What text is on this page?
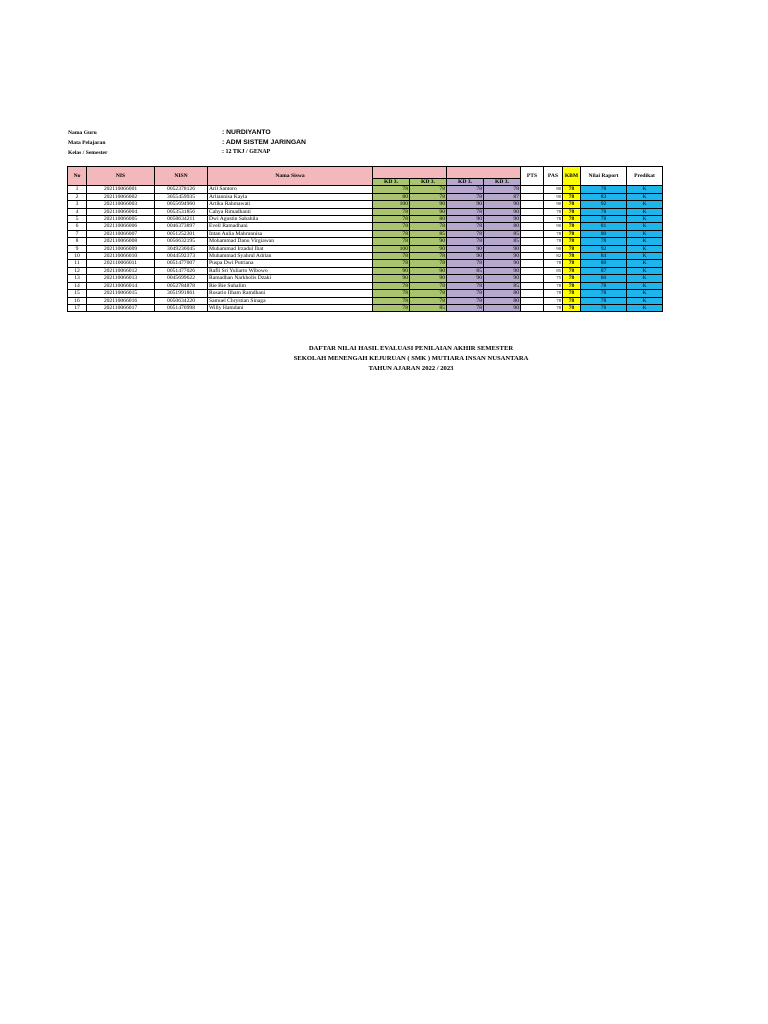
DAFTAR NILAI HASIL EVALUASI PENILAIAN AKHIR SEMESTER
SEKOLAH MENENGAH KEJURUAN ( SMK ) MUTIARA INSAN NUSANTARA
TAHUN AJARAN 2022 / 2023
Nama Guru	: NURDIYANTO
Mata Pelajaran	: ADM SISTEM JARINGAN
Kelas / Semester	: 12 TKJ / GENAP
No	NIS	NISN	Nama Siswa					PTS	PAS	KBM	Nilai Raport	Predikat
				KD 3.	KD 3.	KD 3.	KD 3.					
1	202110066001	0052378126	Aril Santoro	78	78	78	78		80	78	78	K
2	202110066002	3055459935	Arliannisa Kayla	80	78	78	87		90	78	83	K
3	202110066003	0055694960	Artika Rahmawati	100	90	90	90		90	78	92	K
4	202110066004	0053531856	Cahya Rimadhanti	78	90	78	90		78	78	78	K
5	202110066005	0050634211	Dwi Agustin Sabahila	78	80	90	90		78	78	78	K
6	202110066006	0046373897	Evell Ramadhani	78	78	78	80		90	78	81	K
7	202110066007	0051252301	Intan Aulia Mahrunnisa	78	85	78	85		78	78	80	K
8	202110066008	0056632195	Mohammad Danu Virgiawan	78	90	78	85		78	78	78	K
9	202110066009	3049236045	Muhammad Irzadul Ibat	100	90	90	90		90	78	92	K
10	202110066010	0044592373	Muhammad Syahrul Adrian	78	78	90	90		82	78	84	K
11	202110066011	0051477007	Puspa Dwi Putriana	78	78	78	90		78	78	80	K
12	202110066012	0051477026	Rafli Sri Yuliarto Wibowo	90	90	85	90		85	78	87	K
13	202110066013	0045699622	Ramadhan Narkholis Dzaki	90	90	90	90		75	78	80	K
14	202110066014	0052784878	Rie Bie Suhalim	78	78	78	85		78	78	78	K
15	202110066015	3051991861	Rosario Ilham Ramdhani	78	78	78	80		78	78	78	K
16	202110066016	0050634220	Samuel Chrystian Sinaga	78	78	78	80		78	78	78	K
17	202110066017	0051476998	Willy Hamdani	78	85	78	90		78	78	78	K
